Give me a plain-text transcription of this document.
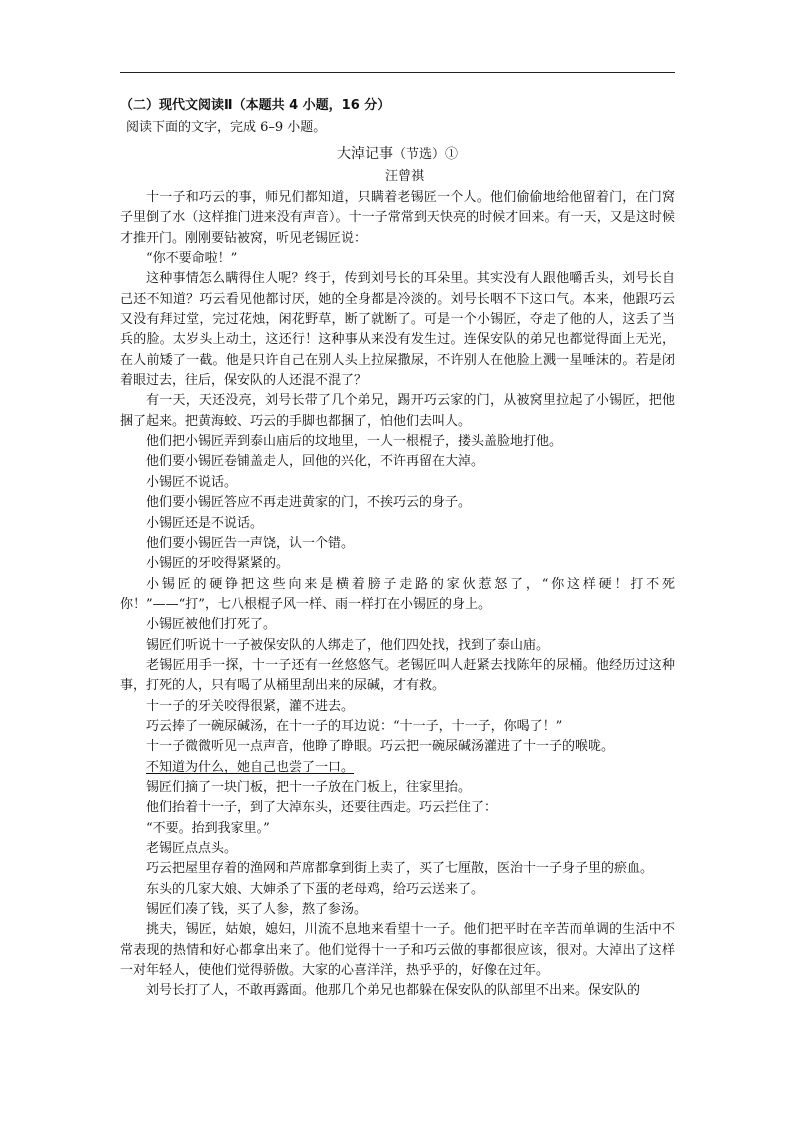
（二）现代文阅读Ⅱ（本题共 4 小题，16 分）

阅读下面的文字，完成 6–9 小题。

大淖记事（节选）①

汪曾祺

十一子和巧云的事，师兄们都知道，只瞒着老锡匠一个人。他们偷偷地给他留着门，在门窝子里倒了水（这样推门进来没有声音）。十一子常常到天快亮的时候才回来。有一天，又是这时候才推开门。刚刚要钻被窝，听见老锡匠说：

“你不要命啦！”

这种事情怎么瞒得住人呢？终于，传到刘号长的耳朵里。其实没有人跟他嚼舌头，刘号长自己还不知道？巧云看见他都讨厌，她的全身都是冷淡的。刘号长咽不下这口气。本来，他跟巧云又没有拜过堂，完过花烛，闲花野草，断了就断了。可是一个小锡匠，夺走了他的人，这丢了当兵的脸。太岁头上动土，这还行！这种事从来没有发生过。连保安队的弟兄也都觉得面上无光，在人前矮了一截。他是只许自己在别人头上拉屎撒尿，不许别人在他脸上溅一星唾沫的。若是闭着眼过去，往后，保安队的人还混不混了？

有一天，天还没亮，刘号长带了几个弟兄，踢开巧云家的门，从被窝里拉起了小锡匠，把他捆了起来。把黄海蛟、巧云的手脚也都捆了，怕他们去叫人。

他们把小锡匠弄到泰山庙后的坟地里，一人一根棍子，搂头盖脸地打他。

他们要小锡匠卷铺盖走人，回他的兴化，不许再留在大淖。

小锡匠不说话。

他们要小锡匠答应不再走进黄家的门，不挨巧云的身子。

小锡匠还是不说话。

他们要小锡匠告一声饶，认一个错。

小锡匠的牙咬得紧紧的。

小锡匠的硬铮把这些向来是横着膀子走路的家伙惹怒了，“你这样硬！打不死你！”——“打”，七八根棍子风一样、雨一样打在小锡匠的身上。

小锡匠被他们打死了。

锡匠们听说十一子被保安队的人绑走了，他们四处找，找到了泰山庙。

老锡匠用手一探，十一子还有一丝悠悠气。老锡匠叫人赶紧去找陈年的尿桶。他经历过这种事，打死的人，只有喝了从桶里刮出来的尿碱，才有救。

十一子的牙关咬得很紧，灌不进去。

巧云捧了一碗尿碱汤，在十一子的耳边说：“十一子，十一子，你喝了！”

十一子微微听见一点声音，他睁了睁眼。巧云把一碗尿碱汤灌进了十一子的喉咙。

不知道为什么，她自己也尝了一口。

锡匠们摘了一块门板，把十一子放在门板上，往家里抬。

他们抬着十一子，到了大淖东头，还要往西走。巧云拦住了：

“不要。抬到我家里。”

老锡匠点点头。

巧云把屋里存着的渔网和芦席都拿到街上卖了，买了七厘散，医治十一子身子里的瘀血。

东头的几家大娘、大婶杀了下蛋的老母鸡，给巧云送来了。

锡匠们凑了钱，买了人参，熬了参汤。

挑夫，锡匠，姑娘，媳妇，川流不息地来看望十一子。他们把平时在辛苦而单调的生活中不常表现的热情和好心都拿出来了。他们觉得十一子和巧云做的事都很应该，很对。大淖出了这样一对年轻人，使他们觉得骄傲。大家的心喜洋洋，热乎乎的，好像在过年。

刘号长打了人，不敢再露面。他那几个弟兄也都躲在保安队的队部里不出来。保安队的
